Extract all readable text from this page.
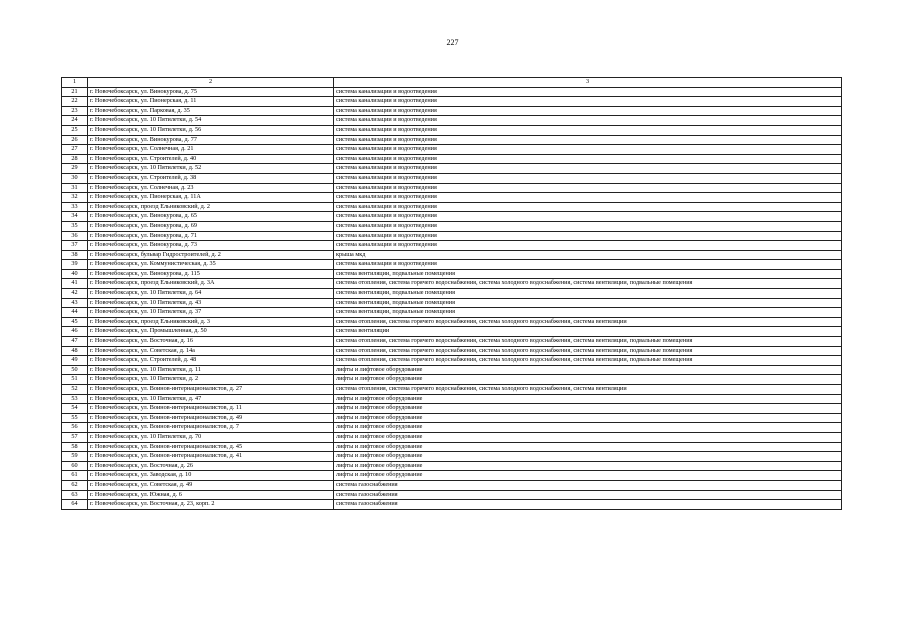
227
1	2	3
21	г. Новочебоксарск, ул. Винокурова, д. 75	система канализации и водоотведения
22	г. Новочебоксарск, ул. Пионерская, д. 11	система канализации и водоотведения
23	г. Новочебоксарск, ул. Парковая, д. 35	система канализации и водоотведения
24	г. Новочебоксарск, ул. 10 Пятилетки, д. 54	система канализации и водоотведения
25	г. Новочебоксарск, ул. 10 Пятилетки, д. 56	система канализации и водоотведения
26	г. Новочебоксарск, ул. Винокурова, д. 77	система канализации и водоотведения
27	г. Новочебоксарск, ул. Солнечная, д. 21	система канализации и водоотведения
28	г. Новочебоксарск, ул. Строителей, д. 40	система канализации и водоотведения
29	г. Новочебоксарск, ул. 10 Пятилетки, д. 52	система канализации и водоотведения
30	г. Новочебоксарск, ул. Строителей, д. 38	система канализации и водоотведения
31	г. Новочебоксарск, ул. Солнечная, д. 23	система канализации и водоотведения
32	г. Новочебоксарск, ул. Пионерская, д. 11А	система канализации и водоотведения
33	г. Новочебоксарск, проезд Ельниковский, д. 2	система канализации и водоотведения
34	г. Новочебоксарск, ул. Винокурова, д. 65	система канализации и водоотведения
35	г. Новочебоксарск, ул. Винокурова, д. 69	система канализации и водоотведения
36	г. Новочебоксарск, ул. Винокурова, д. 71	система канализации и водоотведения
37	г. Новочебоксарск, ул. Винокурова, д. 73	система канализации и водоотведения
38	г. Новочебоксарск, бульвар Гидростроителей, д. 2	крыша мкд
39	г. Новочебоксарск, ул. Коммунистическая, д. 35	система канализации и водоотведения
40	г. Новочебоксарск, ул. Винокурова, д. 115	система вентиляции, подвальные помещения
41	г. Новочебоксарск, проезд Ельниковский, д. 3А	система отопления, система горячего водоснабжения, система холодного водоснабжения, система вентиляции, подвальные помещения
42	г. Новочебоксарск, ул. 10 Пятилетки, д. 64	система вентиляции, подвальные помещения
43	г. Новочебоксарск, ул. 10 Пятилетки, д. 43	система вентиляции, подвальные помещения
44	г. Новочебоксарск, ул. 10 Пятилетки, д. 37	система вентиляции, подвальные помещения
45	г. Новочебоксарск, проезд Ельниковский, д. 3	система отопления, система горячего водоснабжения, система холодного водоснабжения, система вентиляции
46	г. Новочебоксарск, ул. Промышленная, д. 50	система вентиляции
47	г. Новочебоксарск, ул. Восточная, д. 16	система отопления, система горячего водоснабжения, система холодного водоснабжения, система вентиляции, подвальные помещения
48	г. Новочебоксарск, ул. Советская, д. 14а	система отопления, система горячего водоснабжения, система холодного водоснабжения, система вентиляции, подвальные помещения
49	г. Новочебоксарск, ул. Строителей, д. 48	система отопления, система горячего водоснабжения, система холодного водоснабжения, система вентиляции, подвальные помещения
50	г. Новочебоксарск, ул. 10 Пятилетки, д. 11	лифты и лифтовое оборудование
51	г. Новочебоксарск, ул. 10 Пятилетки, д. 2	лифты и лифтовое оборудование
52	г. Новочебоксарск, ул. Воинов-интернационалистов, д. 27	система отопления, система горячего водоснабжения, система холодного водоснабжения, система вентиляции
53	г. Новочебоксарск, ул. 10 Пятилетки, д. 47	лифты и лифтовое оборудование
54	г. Новочебоксарск, ул. Воинов-интернационалистов, д. 11	лифты и лифтовое оборудование
55	г. Новочебоксарск, ул. Воинов-интернационалистов, д. 49	лифты и лифтовое оборудование
56	г. Новочебоксарск, ул. Воинов-интернационалистов, д. 7	лифты и лифтовое оборудование
57	г. Новочебоксарск, ул. 10 Пятилетки, д. 70	лифты и лифтовое оборудование
58	г. Новочебоксарск, ул. Воинов-интернационалистов, д. 45	лифты и лифтовое оборудование
59	г. Новочебоксарск, ул. Воинов-интернационалистов, д. 41	лифты и лифтовое оборудование
60	г. Новочебоксарск, ул. Восточная, д. 26	лифты и лифтовое оборудование
61	г. Новочебоксарск, ул. Заводская, д. 10	лифты и лифтовое оборудование
62	г. Новочебоксарск, ул. Советская, д. 49	система газоснабжения
63	г. Новочебоксарск, ул. Южная, д. 6	система газоснабжения
64	г. Новочебоксарск, ул. Восточная, д. 23, корп. 2	система газоснабжения
